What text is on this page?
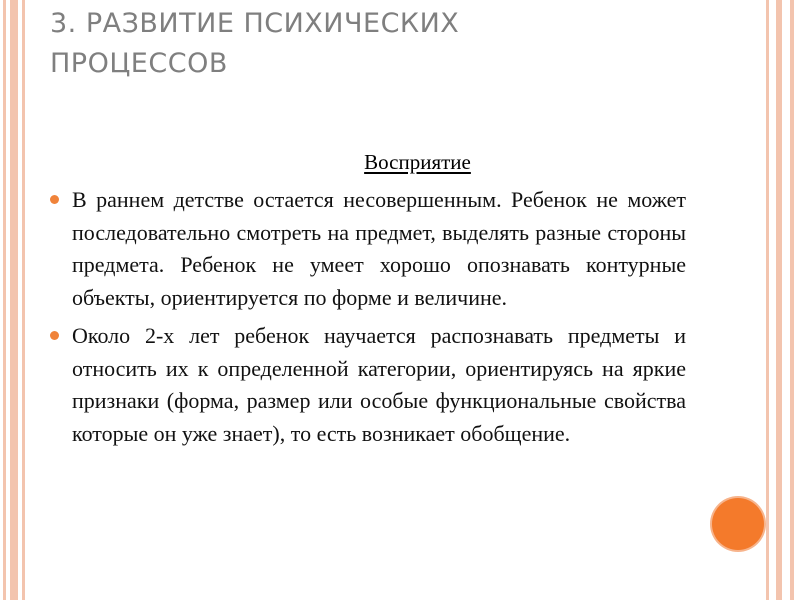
3. РАЗВИТИЕ ПСИХИЧЕСКИХ
ПРОЦЕССОВ
Восприятие
В раннем детстве остается несовершенным. Ребенок не может последовательно смотреть на предмет, выделять разные стороны предмета. Ребенок не умеет хорошо опознавать контурные объекты, ориентируется по форме и величине.
Около 2-х лет ребенок научается распознавать предметы и относить их к определенной категории, ориентируясь на яркие признаки (форма, размер или особые функциональные свойства которые он уже знает), то есть возникает обобщение.
